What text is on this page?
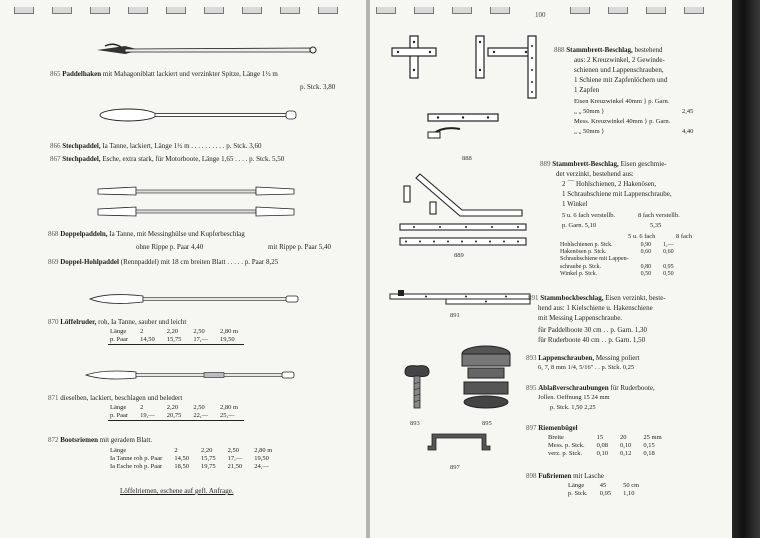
865 Paddelhaken mit Mahagoniblatt lackiert und verzinkter Spitze, Länge 1½ m
p. Stck. 3,80
866 Stechpaddel, Ia Tanne, lackiert, Länge 1½ m . . . . . . . . . . p. Stck. 3,60
867 Stechpaddel, Esche, extra stark, für Motorboote, Länge 1,65 . . . . p. Stck. 5,50
868 Doppelpaddeln, Ia Tanne, mit Messinghülse und Kupferbeschlag
ohne Rippe p. Paar 4,40	mit Rippe p. Paar 5,40
869 Doppel-Hohlpaddel (Rennpaddel) mit 18 cm breiten Blatt . . . . . p. Paar 8,25
870 Löffelruder, roh, Ia Tanne, sauber und leicht
Länge	2	2,20	2,50	2,80 m
p. Paar	14,50	15,75	17,—	19,50
871 dieselben, lackiert, beschlagen und beledert
Länge	2	2,20	2,50	2,80 m
p. Paar	19,—	20,75	22,—	25,—
872 Bootsriemen mit geradem Blatt.
Länge	2	2,20	2,50	2,80 m
Ia Tanne roh p. Paar	14,50	15,75	17,—	19,50
Ia Esche roh p. Paar	18,50	19,75	21,50	24,—
Löffelriemen, eschene auf gefl. Anfrage.
100
888
888 Stammbrett-Beschlag, bestehend
aus: 2 Kreuzwinkel, 2 Gewinde-
schienen und Lappenschrauben,
1 Schiene mit Zapfenlöchern und
1 Zapfen
Eisen Kreuzwinkel 40mm } p. Garn.
„ „ 50mm }	2,45
Mess. Kreuzwinkel 40mm } p. Garn.
„ „ 50mm }	4,40
889
889 Stammbrett-Beschlag, Eisen geschmie-
det verzinkt, bestehend aus:
2 ⌒ Hohlschienen, 2 Hakenösen,
1 Schraubschiene mit Lappenschraube,
1 Winkel
5 u. 6 fach verstellb.	8 fach verstellb.
p. Garn. 5,10	5,35
5 u. 6 fach	8 fach
Hohlschienen p. Stck.	0,90	1,—
Hakenösen p. Stck.	0,60	0,60
Schraubschiene mit Lappen-		
schraube p. Stck.	0,80	0,95
Winkel p. Stck.	0,50	0,50
891
891 Stammbockbeschlag, Eisen verzinkt, beste-
hend aus: 1 Kielschiene u. Hakenschiene
mit Messing Lappenschraube.
für Paddelboote 30 cm . . p. Garn. 1,30
für Ruderboote 40 cm . . p. Garn. 1,50
893	895
893 Lappenschrauben, Messing poliert
6, 7, 8 mm 1/4, 5/16" . . p. Stck. 0,25
895 Ablaßverschraubungen für Ruderboote,
Jollen. Oeffnung 15 24 mm
p. Stck. 1,50 2,25
897
897 Riemenbügel
Breite	15	20	25 mm
Mess. p. Stck.	0,08	0,10	0,15
verz. p. Stck.	0,10	0,12	0,18
898 Fußriemen mit Lasche
Länge	45	50 cm
p. Stck.	0,95	1,10
